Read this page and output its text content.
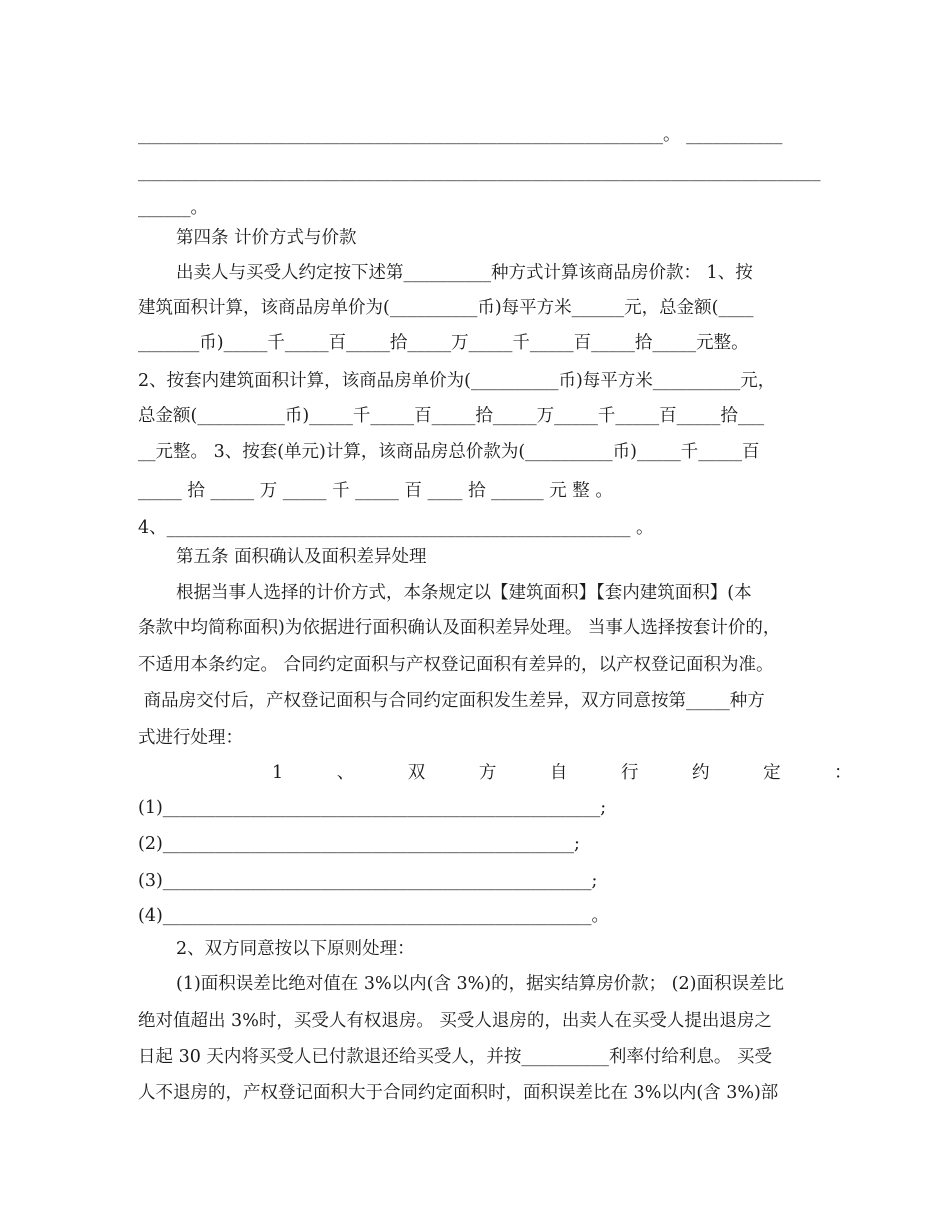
____________________________________________________________。 ___________
______________________________________________________________________________
______。
第四条 计价方式与价款
出卖人与买受人约定按下述第__________种方式计算该商品房价款： 1、按
建筑面积计算，该商品房单价为(__________币)每平方米______元，总金额(____
_______币)_____千_____百_____拾_____万_____千_____百_____拾_____元整。
2、按套内建筑面积计算，该商品房单价为(__________币)每平方米__________元，
总金额(__________币)_____千_____百_____拾_____万_____千_____百_____拾___
__元整。 3、按套(单元)计算，该商品房总价款为(__________币)_____千_____百
_____ 拾 _____ 万 _____ 千 _____ 百 ____ 拾 ______ 元 整 。
4、_____________________________________________________ 。
第五条 面积确认及面积差异处理
根据当事人选择的计价方式，本条规定以【建筑面积】【套内建筑面积】(本
条款中均简称面积)为依据进行面积确认及面积差异处理。 当事人选择按套计价的，
不适用本条约定。 合同约定面积与产权登记面积有差异的，以产权登记面积为准。
商品房交付后，产权登记面积与合同约定面积发生差异，双方同意按第_____种方
式进行处理：
1 、 双 方 自 行 约 定 ：
(1)__________________________________________________;
(2)_______________________________________________;
(3)_________________________________________________;
(4)_________________________________________________。
2、双方同意按以下原则处理：
(1)面积误差比绝对值在 3%以内(含 3%)的，据实结算房价款； (2)面积误差比
绝对值超出 3%时，买受人有权退房。 买受人退房的，出卖人在买受人提出退房之
日起 30 天内将买受人已付款退还给买受人，并按__________利率付给利息。 买受
人不退房的，产权登记面积大于合同约定面积时，面积误差比在 3%以内(含 3%)部
